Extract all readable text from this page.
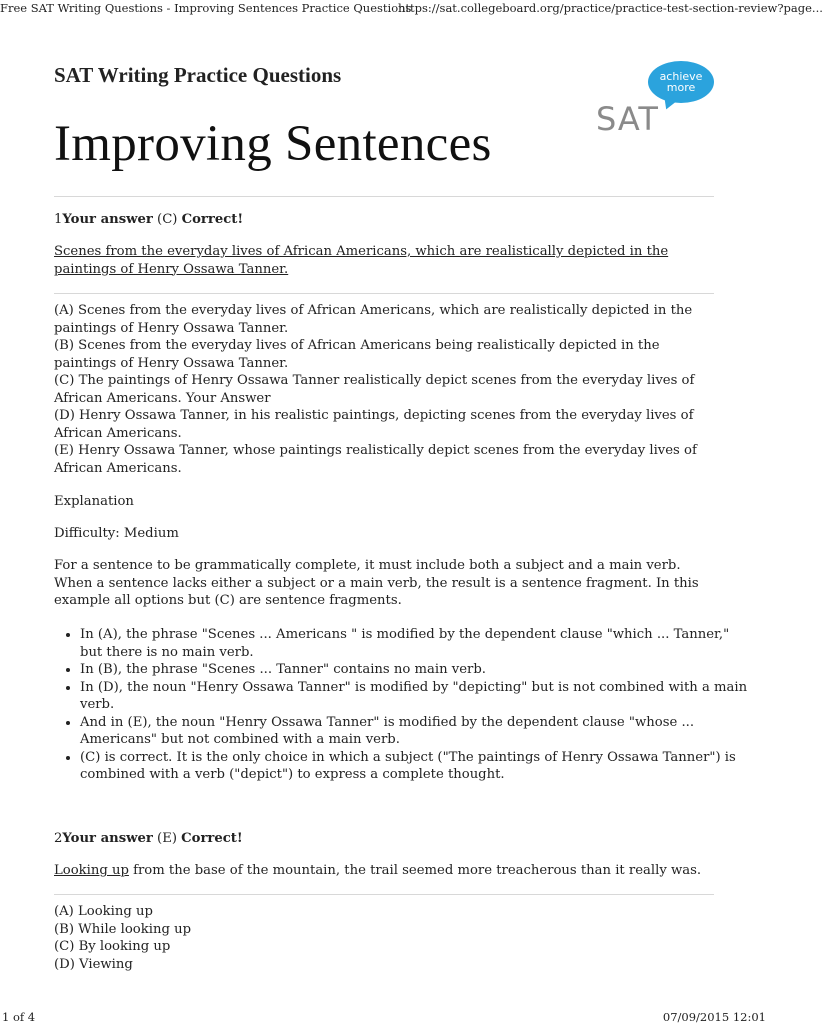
Free SAT Writing Questions - Improving Sentences Practice Questions
https://sat.collegeboard.org/practice/practice-test-section-review?page...
SAT Writing Practice Questions
Improving Sentences
achieve
more
SAT
1Your answer (C) Correct!
Scenes from the everyday lives of African Americans, which are realistically depicted in the paintings of Henry Ossawa Tanner.
(A) Scenes from the everyday lives of African Americans, which are realistically depicted in the paintings of Henry Ossawa Tanner.
(B) Scenes from the everyday lives of African Americans being realistically depicted in the paintings of Henry Ossawa Tanner.
(C) The paintings of Henry Ossawa Tanner realistically depict scenes from the everyday lives of African Americans. Your Answer
(D) Henry Ossawa Tanner, in his realistic paintings, depicting scenes from the everyday lives of African Americans.
(E) Henry Ossawa Tanner, whose paintings realistically depict scenes from the everyday lives of African Americans.
Explanation
Difficulty: Medium
For a sentence to be grammatically complete, it must include both a subject and a main verb. When a sentence lacks either a subject or a main verb, the result is a sentence fragment. In this example all options but (C) are sentence fragments.
• In (A), the phrase "Scenes ... Americans " is modified by the dependent clause "which ... Tanner," but there is no main verb.
• In (B), the phrase "Scenes ... Tanner" contains no main verb.
• In (D), the noun "Henry Ossawa Tanner" is modified by "depicting" but is not combined with a main verb.
• And in (E), the noun "Henry Ossawa Tanner" is modified by the dependent clause "whose ... Americans" but not combined with a main verb.
• (C) is correct. It is the only choice in which a subject ("The paintings of Henry Ossawa Tanner") is combined with a verb ("depict") to express a complete thought.
2Your answer (E) Correct!
Looking up from the base of the mountain, the trail seemed more treacherous than it really was.
(A) Looking up
(B) While looking up
(C) By looking up
(D) Viewing
1 of 4	07/09/2015 12:01
